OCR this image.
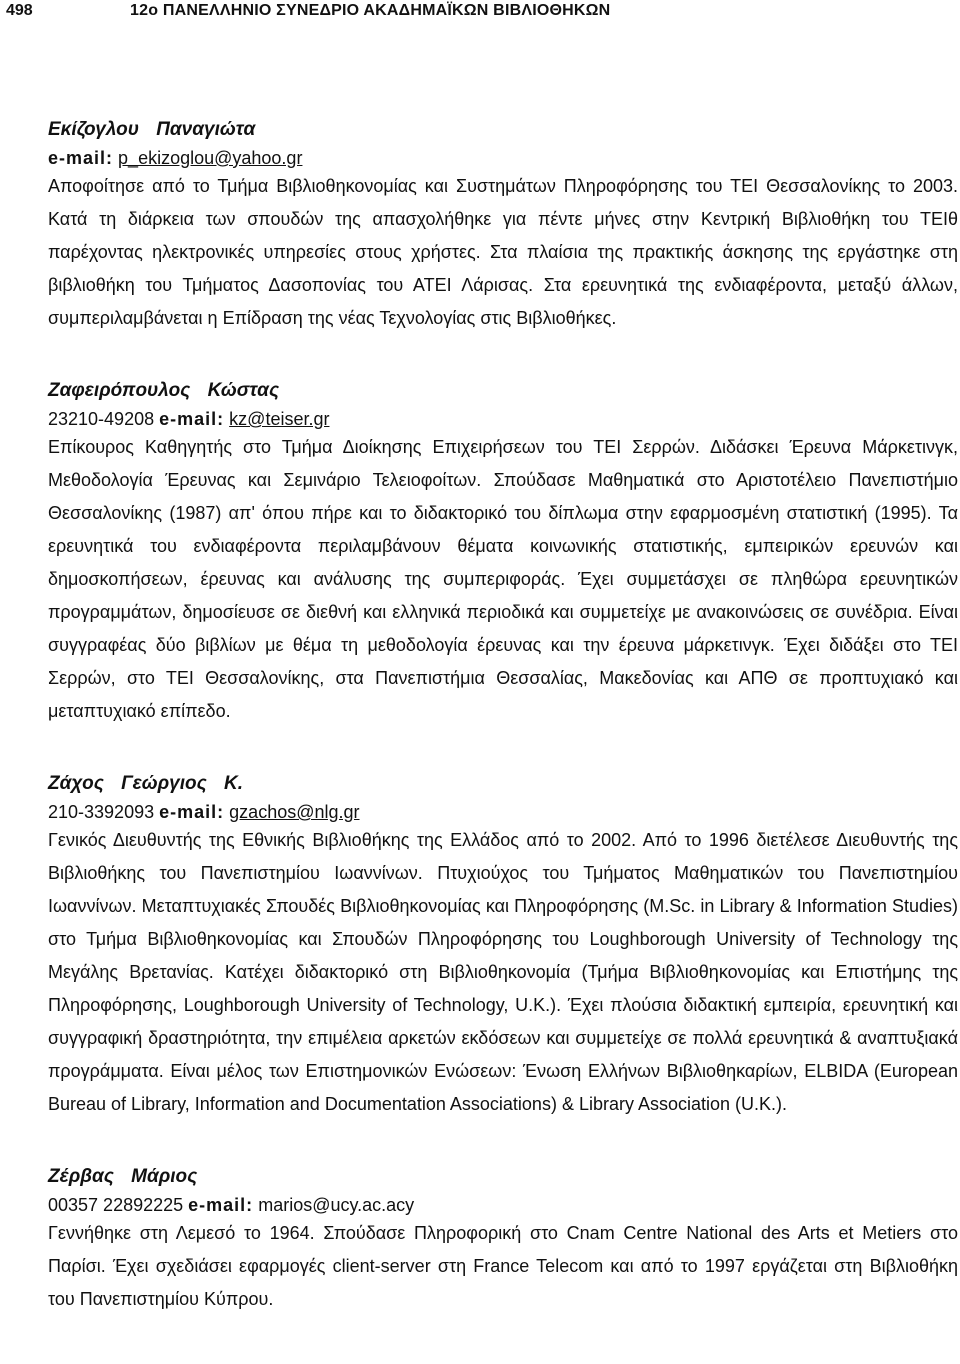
498	12ο ΠΑΝΕΛΛΗΝΙΟ ΣΥΝΕΔΡΙΟ ΑΚΑΔΗΜΑΪΚΩΝ ΒΙΒΛΙΟΘΗΚΩΝ
Εκίζογλου Παναγιώτα
e-mail: p_ekizoglou@yahoo.gr

Αποφοίτησε από το Τμήμα Βιβλιοθηκονομίας και Συστημάτων Πληροφόρησης του ΤΕΙ Θεσσαλονίκης το 2003. Κατά τη διάρκεια των σπουδών της απασχολήθηκε για πέντε μήνες στην Κεντρική Βιβλιοθήκη του ΤΕΙθ παρέχοντας ηλεκτρονικές υπηρεσίες στους χρήστες. Στα πλαίσια της πρακτικής άσκησης της εργάστηκε στη βιβλιοθήκη του Τμήματος Δασοπονίας του ΑΤΕΙ Λάρισας. Στα ερευνητικά της ενδιαφέροντα, μεταξύ άλλων, συμπεριλαμβάνεται η Επίδραση της νέας Τεχνολογίας στις Βιβλιοθήκες.

Ζαφειρόπουλος Κώστας
23210-49208 e-mail: kz@teiser.gr

Επίκουρος Καθηγητής στο Τμήμα Διοίκησης Επιχειρήσεων του ΤΕΙ Σερρών. Διδάσκει Έρευνα Μάρκετινγκ, Μεθοδολογία Έρευνας και Σεμινάριο Τελειοφοίτων. Σπούδασε Μαθηματικά στο Αριστοτέλειο Πανεπιστήμιο Θεσσαλονίκης (1987) απ' όπου πήρε και το διδακτορικό του δίπλωμα στην εφαρμοσμένη στατιστική (1995). Τα ερευνητικά του ενδιαφέροντα περιλαμβάνουν θέματα κοινωνικής στατιστικής, εμπειρικών ερευνών και δημοσκοπήσεων, έρευνας και ανάλυσης της συμπεριφοράς. Έχει συμμετάσχει σε πληθώρα ερευνητικών προγραμμάτων, δημοσίευσε σε διεθνή και ελληνικά περιοδικά και συμμετείχε με ανακοινώσεις σε συνέδρια. Είναι συγγραφέας δύο βιβλίων με θέμα τη μεθοδολογία έρευνας και την έρευνα μάρκετινγκ. Έχει διδάξει στο ΤΕΙ Σερρών, στο ΤΕΙ Θεσσαλονίκης, στα Πανεπιστήμια Θεσσαλίας, Μακεδονίας και ΑΠΘ σε προπτυχιακό και μεταπτυχιακό επίπεδο.

Ζάχος Γεώργιος Κ.
210-3392093 e-mail: gzachos@nlg.gr

Γενικός Διευθυντής της Εθνικής Βιβλιοθήκης της Ελλάδος από το 2002. Από το 1996 διετέλεσε Διευθυντής της Βιβλιοθήκης του Πανεπιστημίου Ιωαννίνων. Πτυχιούχος του Τμήματος Μαθηματικών του Πανεπιστημίου Ιωαννίνων. Μεταπτυχιακές Σπουδές Βιβλιοθηκονομίας και Πληροφόρησης (M.Sc. in Library & Information Studies) στο Τμήμα Βιβλιοθηκονομίας και Σπουδών Πληροφόρησης του Loughborough University of Technology της Μεγάλης Βρετανίας. Κατέχει διδακτορικό στη Βιβλιοθηκονομία (Τμήμα Βιβλιοθηκονομίας και Επιστήμης της Πληροφόρησης, Loughborough University of Technology, U.K.). Έχει πλούσια διδακτική εμπειρία, ερευνητική και συγγραφική δραστηριότητα, την επιμέλεια αρκετών εκδόσεων και συμμετείχε σε πολλά ερευνητικά & αναπτυξιακά προγράμματα. Είναι μέλος των Επιστημονικών Ενώσεων: Ένωση Ελλήνων Βιβλιοθηκαρίων, ELBIDA (European Bureau of Library, Information and Documentation Associations) & Library Association (U.K.).

Ζέρβας Μάριος
00357 22892225 e-mail: marios@ucy.ac.acy

Γεννήθηκε στη Λεμεσό το 1964. Σπούδασε Πληροφορική στο Cnam Centre National des Arts et Metiers στο Παρίσι. Έχει σχεδιάσει εφαρμογές client-server στη France Telecom και από το 1997 εργάζεται στη Βιβλιοθήκη του Πανεπιστημίου Κύπρου.
